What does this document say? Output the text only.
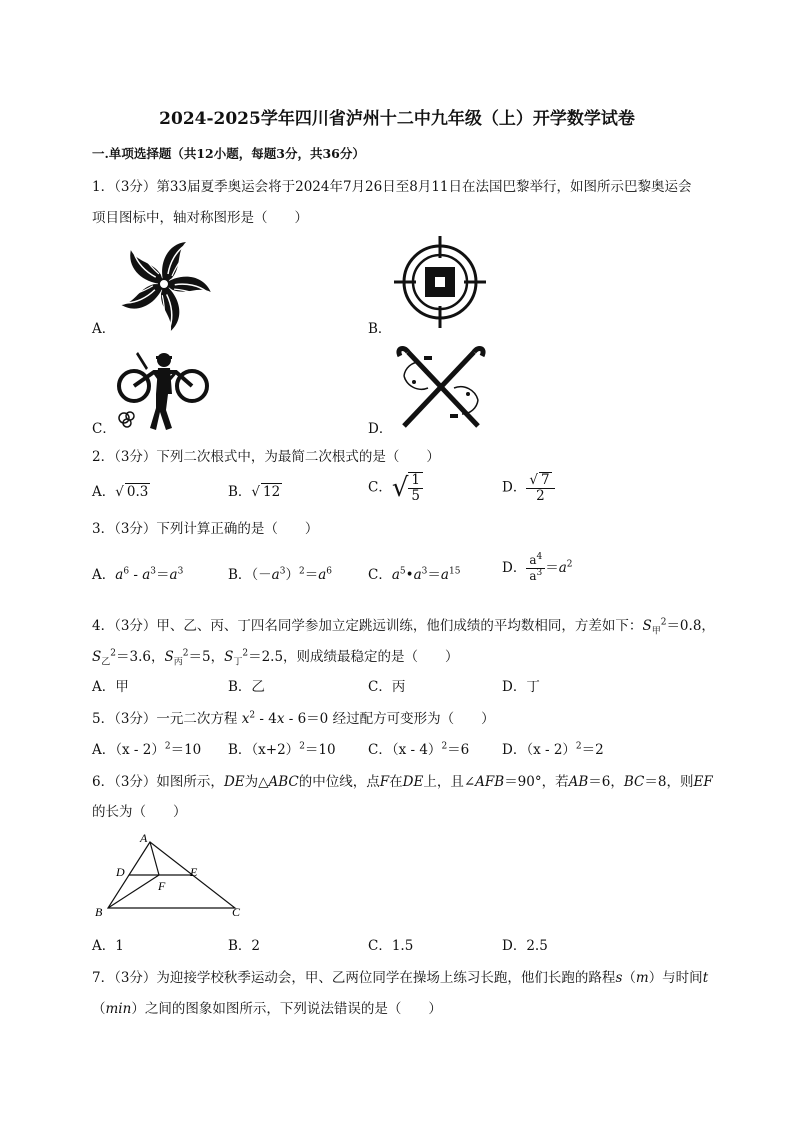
2024-2025学年四川省泸州十二中九年级（上）开学数学试卷
一.单项选择题（共12小题，每题3分，共36分）
1．（3分）第33届夏季奥运会将于2024年7月26日至8月11日在法国巴黎举行，如图所示巴黎奥运会
项目图标中，轴对称图形是（　　）
A．	B．
C．	D．
2．（3分）下列二次根式中，为最简二次根式的是（　　）
A．√ 0.3	B．√ 12	C．√ $\frac{1}{5}$	D． $\frac{√ 7}{2}$
3．（3分）下列计算正确的是（　　）
A．$a^6 - a^3=a^3$	B．$(-a^3)^2=a^6$	C．$a^5•a^3=a^{15}$	D． $\frac{a^4}{a^3} =a^2$
4．（3分）甲、乙、丙、丁四名同学参加立定跳远训练，他们成绩的平均数相同，方差如下：$S_甲^2=0.8$，
$S_乙^2=3.6$，$S_丙^2=5$，$S_丁^2=2.5$，则成绩最稳定的是（　　）
A．甲	B．乙	C．丙	D．丁
5．（3分）一元二次方程 $x^2 - 4x - 6=0$ 经过配方可变形为（　　）
A．（x - 2）$^2$＝10 B．$(x+2)^2=10$ C．（x - 4）$^2$＝6 D．（x - 2）$^2$＝2
6．（3分）如图所示，DE为△ABC的中位线，点F在DE上，且∠AFB＝90°，若AB＝6，BC＝8，则EF
的长为（　　）
A
D	E
F
B	C
A．1	B．2	C．1.5	D．2.5
7．（3分）为迎接学校秋季运动会，甲、乙两位同学在操场上练习长跑，他们长跑的路程s（m）与时间t
（min）之间的图象如图所示，下列说法错误的是（　　）
